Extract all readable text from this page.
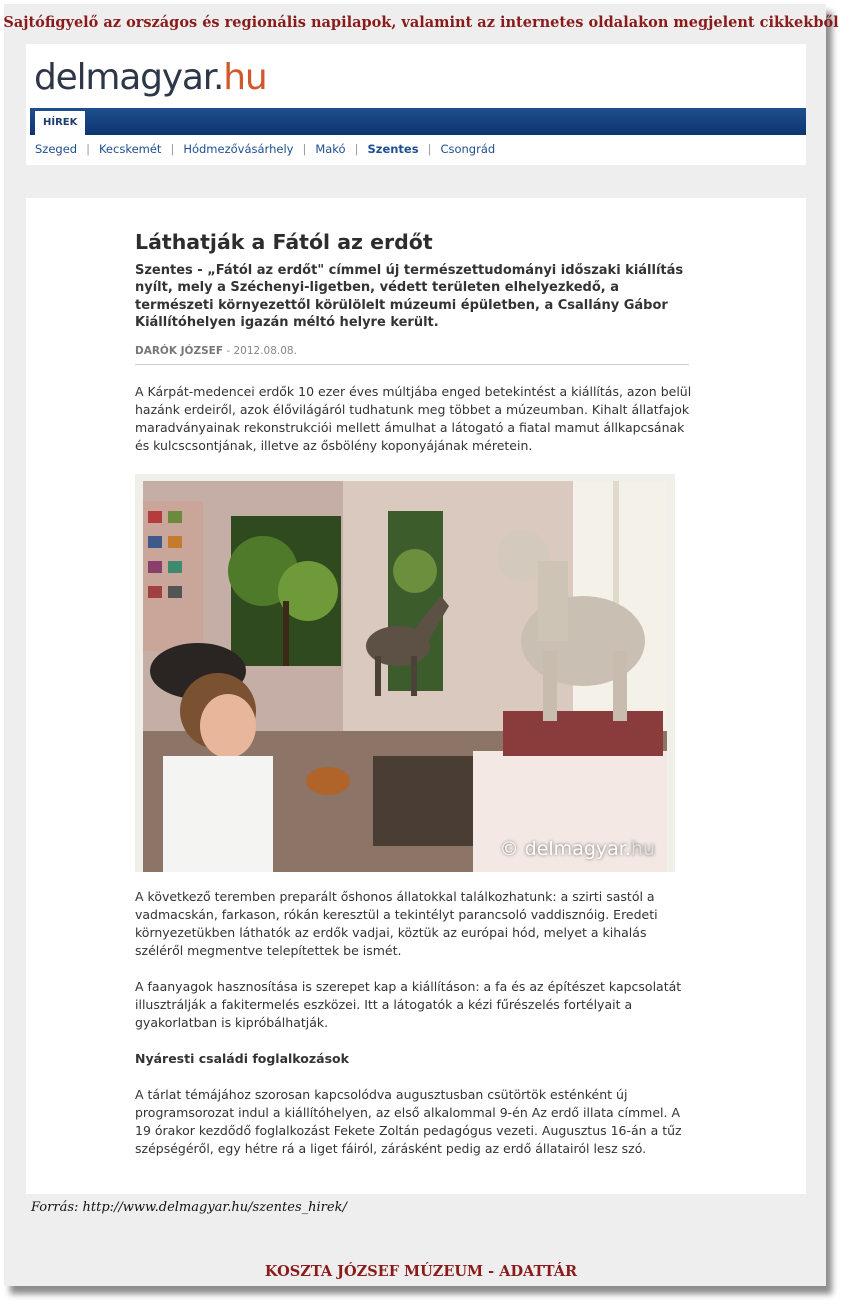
Sajtófigyelő az országos és regionális napilapok, valamint az internetes oldalakon megjelent cikkekből
delmagyar.hu
HÍREK
Szeged | Kecskemét | Hódmezővásárhely | Makó | Szentes | Csongrád
Láthatják a Fától az erdőt
Szentes - „Fától az erdőt" címmel új természettudományi időszaki kiállítás nyílt, mely a Széchenyi-ligetben, védett területen elhelyezkedő, a természeti környezettől körülölelt múzeumi épületben, a Csallány Gábor Kiállítóhelyen igazán méltó helyre került.
DARÓK JÓZSEF - 2012.08.08.

A Kárpát-medencei erdők 10 ezer éves múltjába enged betekintést a kiállítás, azon belül hazánk erdeiről, azok élővilágáról tudhatunk meg többet a múzeumban. Kihalt állatfajok maradványainak rekonstrukciói mellett ámulhat a látogató a fiatal mamut állkapcsának és kulcscsontjának, illetve az ősbölény koponyájának méretein.

© delmagyar.hu

A következő teremben preparált őshonos állatokkal találkozhatunk: a szirti sastól a vadmacskán, farkason, rókán keresztül a tekintélyt parancsoló vaddisznóig. Eredeti környezetükben láthatók az erdők vadjai, köztük az európai hód, melyet a kihalás széléről megmentve telepítettek be ismét.

A faanyagok hasznosítása is szerepet kap a kiállításon: a fa és az építészet kapcsolatát illusztrálják a fakitermelés eszközei. Itt a látogatók a kézi fűrészelés fortélyait a gyakorlatban is kipróbálhatják.

Nyáresti családi foglalkozások

A tárlat témájához szorosan kapcsolódva augusztusban csütörtök esténként új programsorozat indul a kiállítóhelyen, az első alkalommal 9-én Az erdő illata címmel. A 19 órakor kezdődő foglalkozást Fekete Zoltán pedagógus vezeti. Augusztus 16-án a tűz szépségéről, egy hétre rá a liget fáiról, zárásként pedig az erdő állatairól lesz szó.

Forrás: http://www.delmagyar.hu/szentes_hirek/
KOSZTA JÓZSEF MÚZEUM - ADATTÁR
